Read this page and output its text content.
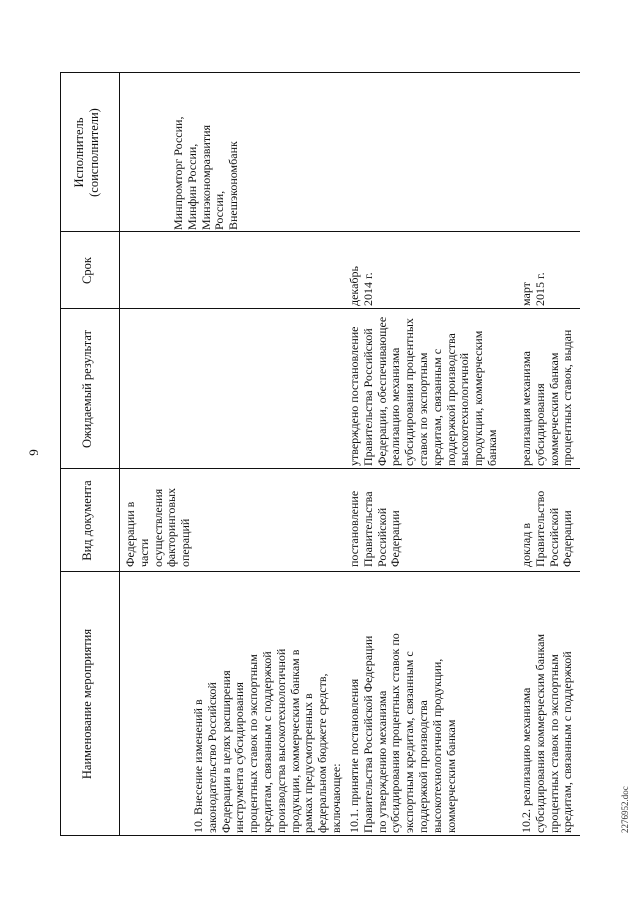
9
Наименование мероприятия
Вид документа
Ожидаемый результат
Срок
Исполнитель
(соисполнители)
Федерации в части
осуществления
факторинговых
операций
10. Внесение изменений в
законодательство Российской
Федерации в целях расширения
инструмента субсидирования
процентных ставок по экспортным
кредитам, связанным с поддержкой
производства высокотехнологичной
продукции, коммерческим банкам в
рамках предусмотренных в
федеральном бюджете средств,
включающее:
Минпромторг России,
Минфин России,
Минэкономразвития
России,
Внешэкономбанк
10.1. принятие постановления
Правительства Российской Федерации
по утверждению механизма
субсидирования процентных ставок по
экспортным кредитам, связанным с
поддержкой производства
высокотехнологичной продукции,
коммерческим банкам
постановление
Правительства
Российской
Федерации
утверждено постановление
Правительства Российской
Федерации, обеспечивающее
реализацию механизма
субсидирования процентных
ставок по экспортным
кредитам, связанным с
поддержкой производства
высокотехнологичной
продукции, коммерческим
банкам
декабрь
2014 г.
10.2. реализацию механизма
субсидирования коммерческим банкам
процентных ставок по экспортным
кредитам, связанным с поддержкой
доклад в
Правительство
Российской
Федерации
реализация механизма
субсидирования
коммерческим банкам
процентных ставок, выдан
март
2015 г.
2276952.doc
